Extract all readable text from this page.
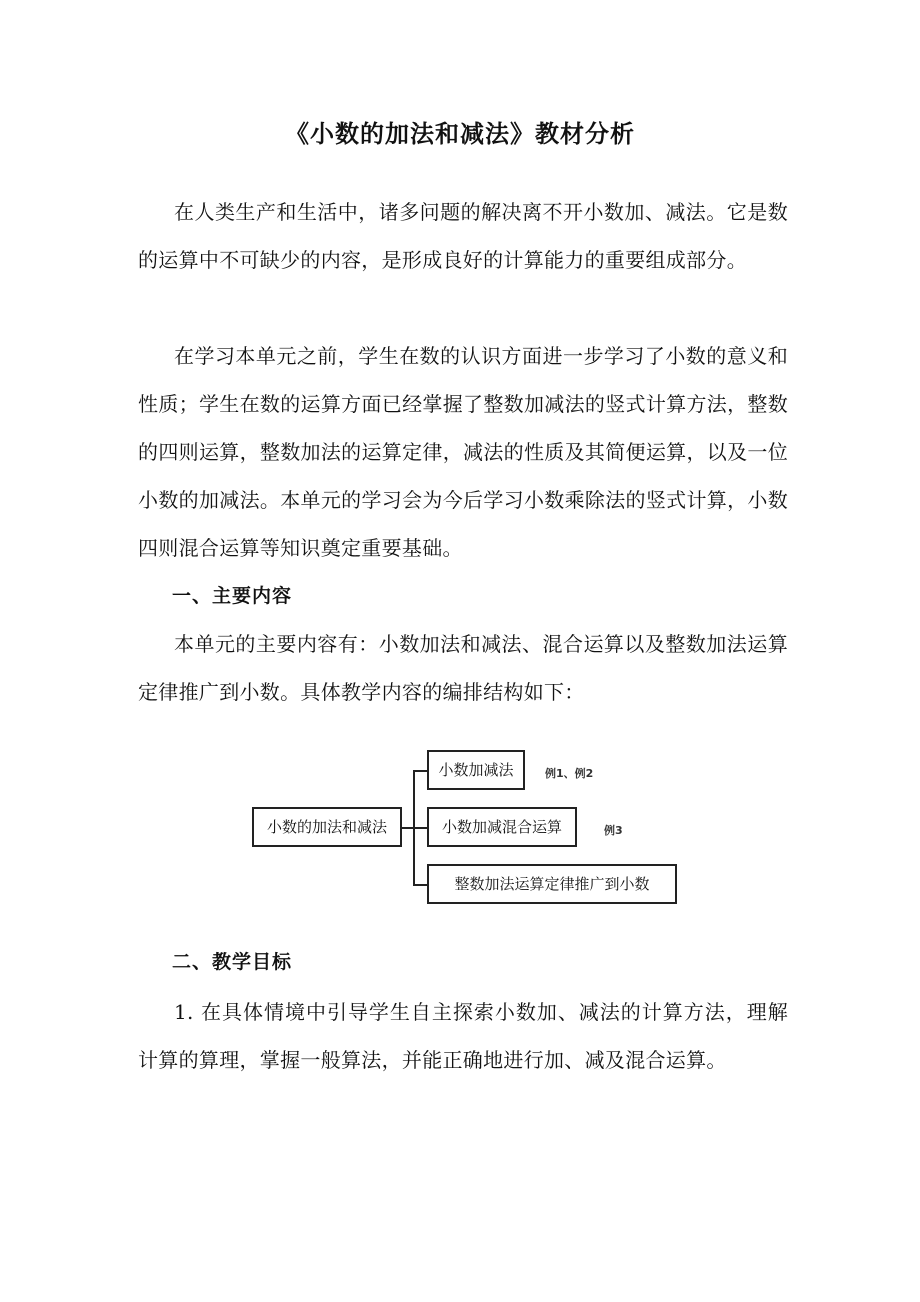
《小数的加法和减法》教材分析

在人类生产和生活中，诸多问题的解决离不开小数加、减法。它是数的运算中不可缺少的内容，是形成良好的计算能力的重要组成部分。

在学习本单元之前，学生在数的认识方面进一步学习了小数的意义和性质；学生在数的运算方面已经掌握了整数加减法的竖式计算方法，整数的四则运算，整数加法的运算定律，减法的性质及其简便运算，以及一位小数的加减法。本单元的学习会为今后学习小数乘除法的竖式计算，小数四则混合运算等知识奠定重要基础。

一、主要内容

本单元的主要内容有：小数加法和减法、混合运算以及整数加法运算定律推广到小数。具体教学内容的编排结构如下：

小数的加法和减法
小数加减法	例1、例2
小数加减混合运算	例3
整数加法运算定律推广到小数
二、教学目标

1. 在具体情境中引导学生自主探索小数加、减法的计算方法，理解计算的算理，掌握一般算法，并能正确地进行加、减及混合运算。
